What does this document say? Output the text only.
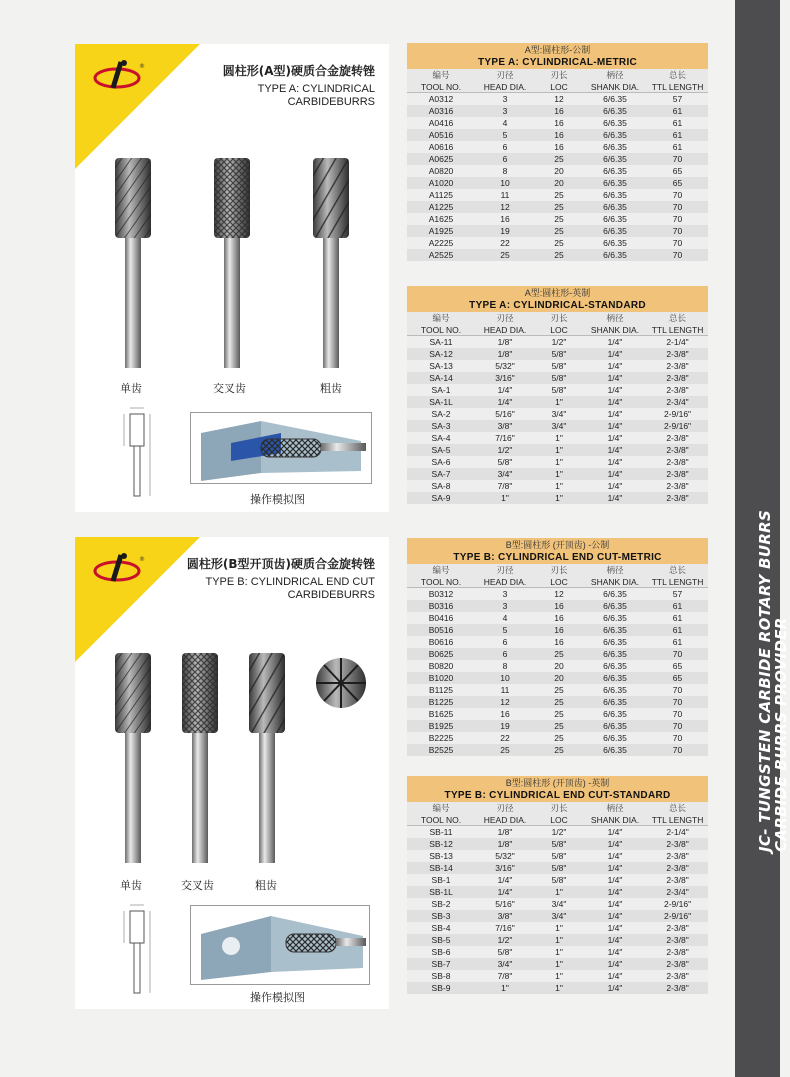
JC- TUNGSTEN CARBIDE ROTARY BURRS
CARBIDE BURRS PROVIDER
®	圆柱形(A型)硬质合金旋转锉
TYPE A: CYLINDRICAL
CARBIDEBURRS
单齿	交叉齿	粗齿
操作模拟图
®	圆柱形(B型开顶齿)硬质合金旋转锉
TYPE B: CYLINDRICAL END CUT
CARBIDEBURRS
单齿	交叉齿	粗齿
操作模拟图
A型:圆柱形-公制				
TYPE A: CYLINDRICAL-METRIC				
编号	刃径	刃长	柄径	总长
TOOL NO.	HEAD DIA.	LOC	SHANK DIA.	TTL LENGTH
A0312	3	12	6/6.35	57
A0316	3	16	6/6.35	61
A0416	4	16	6/6.35	61
A0516	5	16	6/6.35	61
A0616	6	16	6/6.35	61
A0625	6	25	6/6.35	70
A0820	8	20	6/6.35	65
A1020	10	20	6/6.35	65
A1125	11	25	6/6.35	70
A1225	12	25	6/6.35	70
A1625	16	25	6/6.35	70
A1925	19	25	6/6.35	70
A2225	22	25	6/6.35	70
A2525	25	25	6/6.35	70
A型:圆柱形-英制				
TYPE A: CYLINDRICAL-STANDARD				
编号	刃径	刃长	柄径	总长
TOOL NO.	HEAD DIA.	LOC	SHANK DIA.	TTL LENGTH
SA-11	1/8"	1/2"	1/4"	2-1/4"
SA-12	1/8"	5/8"	1/4"	2-3/8"
SA-13	5/32"	5/8"	1/4"	2-3/8"
SA-14	3/16"	5/8"	1/4"	2-3/8"
SA-1	1/4"	5/8"	1/4"	2-3/8"
SA-1L	1/4"	1"	1/4"	2-3/4"
SA-2	5/16"	3/4"	1/4"	2-9/16"
SA-3	3/8"	3/4"	1/4"	2-9/16"
SA-4	7/16"	1"	1/4"	2-3/8"
SA-5	1/2"	1"	1/4"	2-3/8"
SA-6	5/8"	1"	1/4"	2-3/8"
SA-7	3/4"	1"	1/4"	2-3/8"
SA-8	7/8"	1"	1/4"	2-3/8"
SA-9	1"	1"	1/4"	2-3/8"
B型:圆柱形 (开顶齿) -公制				
TYPE B: CYLINDRICAL END CUT-METRIC				
编号	刃径	刃长	柄径	总长
TOOL NO.	HEAD DIA.	LOC	SHANK DIA.	TTL LENGTH
B0312	3	12	6/6.35	57
B0316	3	16	6/6.35	61
B0416	4	16	6/6.35	61
B0516	5	16	6/6.35	61
B0616	6	16	6/6.35	61
B0625	6	25	6/6.35	70
B0820	8	20	6/6.35	65
B1020	10	20	6/6.35	65
B1125	11	25	6/6.35	70
B1225	12	25	6/6.35	70
B1625	16	25	6/6.35	70
B1925	19	25	6/6.35	70
B2225	22	25	6/6.35	70
B2525	25	25	6/6.35	70
B型:圆柱形 (开顶齿) -英制				
TYPE B: CYLINDRICAL END CUT-STANDARD				
编号	刃径	刃长	柄径	总长
TOOL NO.	HEAD DIA.	LOC	SHANK DIA.	TTL LENGTH
SB-11	1/8"	1/2"	1/4"	2-1/4"
SB-12	1/8"	5/8"	1/4"	2-3/8"
SB-13	5/32"	5/8"	1/4"	2-3/8"
SB-14	3/16"	5/8"	1/4"	2-3/8"
SB-1	1/4"	5/8"	1/4"	2-3/8"
SB-1L	1/4"	1"	1/4"	2-3/4"
SB-2	5/16"	3/4"	1/4"	2-9/16"
SB-3	3/8"	3/4"	1/4"	2-9/16"
SB-4	7/16"	1"	1/4"	2-3/8"
SB-5	1/2"	1"	1/4"	2-3/8"
SB-6	5/8"	1"	1/4"	2-3/8"
SB-7	3/4"	1"	1/4"	2-3/8"
SB-8	7/8"	1"	1/4"	2-3/8"
SB-9	1"	1"	1/4"	2-3/8"
